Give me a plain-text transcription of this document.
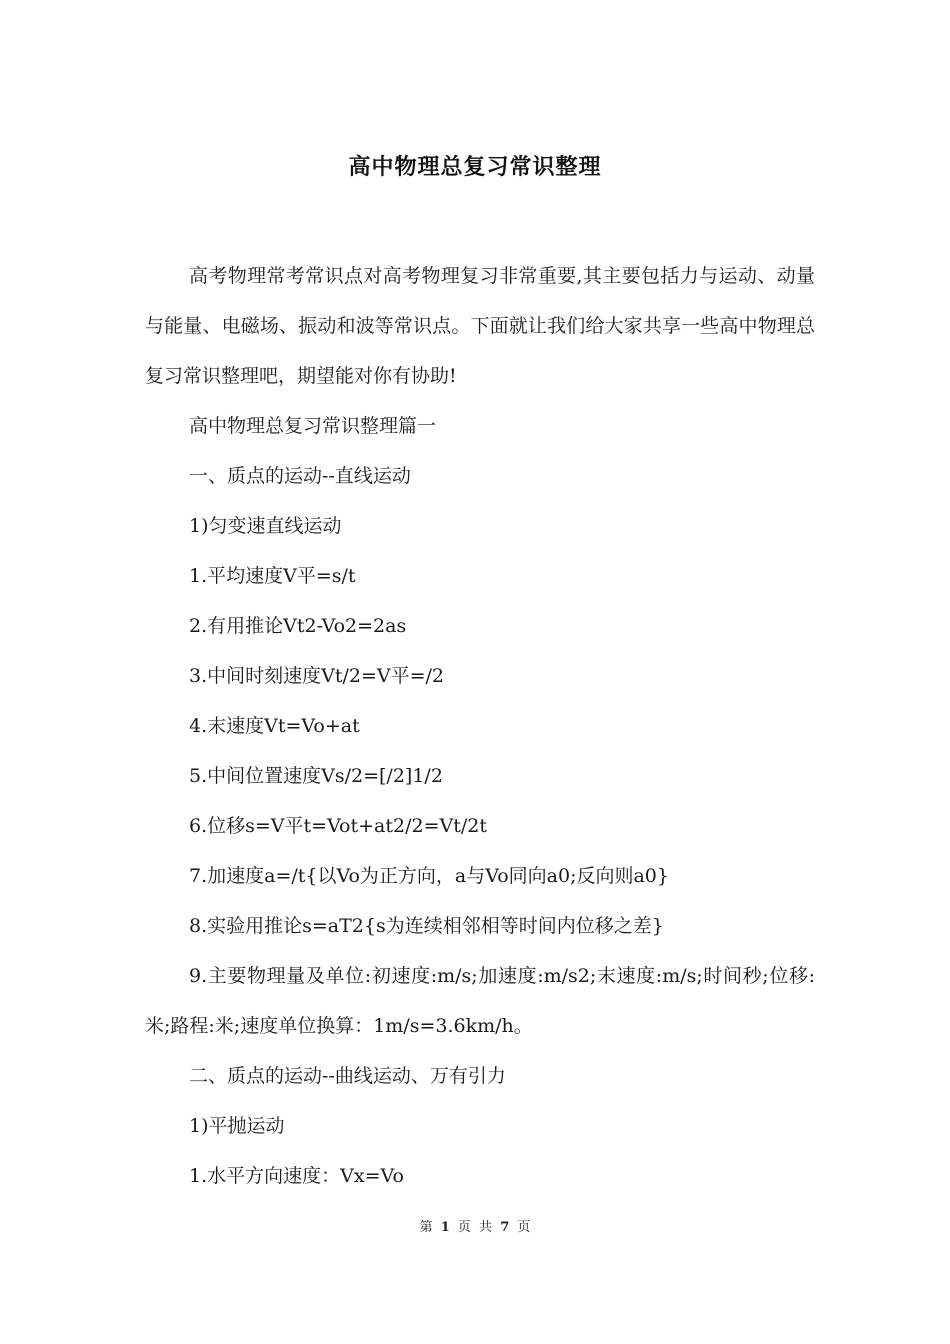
高中物理总复习常识整理

高考物理常考常识点对高考物理复习非常重要,其主要包括力与运动、动量与能量、电磁场、振动和波等常识点。下面就让我们给大家共享一些高中物理总复习常识整理吧，期望能对你有协助!

高中物理总复习常识整理篇一

一、质点的运动--直线运动

1)匀变速直线运动

1.平均速度V平=s/t

2.有用推论Vt2-Vo2=2as

3.中间时刻速度Vt/2=V平=/2

4.末速度Vt=Vo+at

5.中间位置速度Vs/2=[/2]1/2

6.位移s=V平t=Vot+at2/2=Vt/2t

7.加速度a=/t{以Vo为正方向，a与Vo同向a0;反向则a0}

8.实验用推论s=aT2{s为连续相邻相等时间内位移之差}

9.主要物理量及单位:初速度:m/s;加速度:m/s2;末速度:m/s;时间秒;位移:米;路程:米;速度单位换算：1m/s=3.6km/h。

二、质点的运动--曲线运动、万有引力

1)平抛运动

1.水平方向速度：Vx=Vo

第 1 页 共 7 页
